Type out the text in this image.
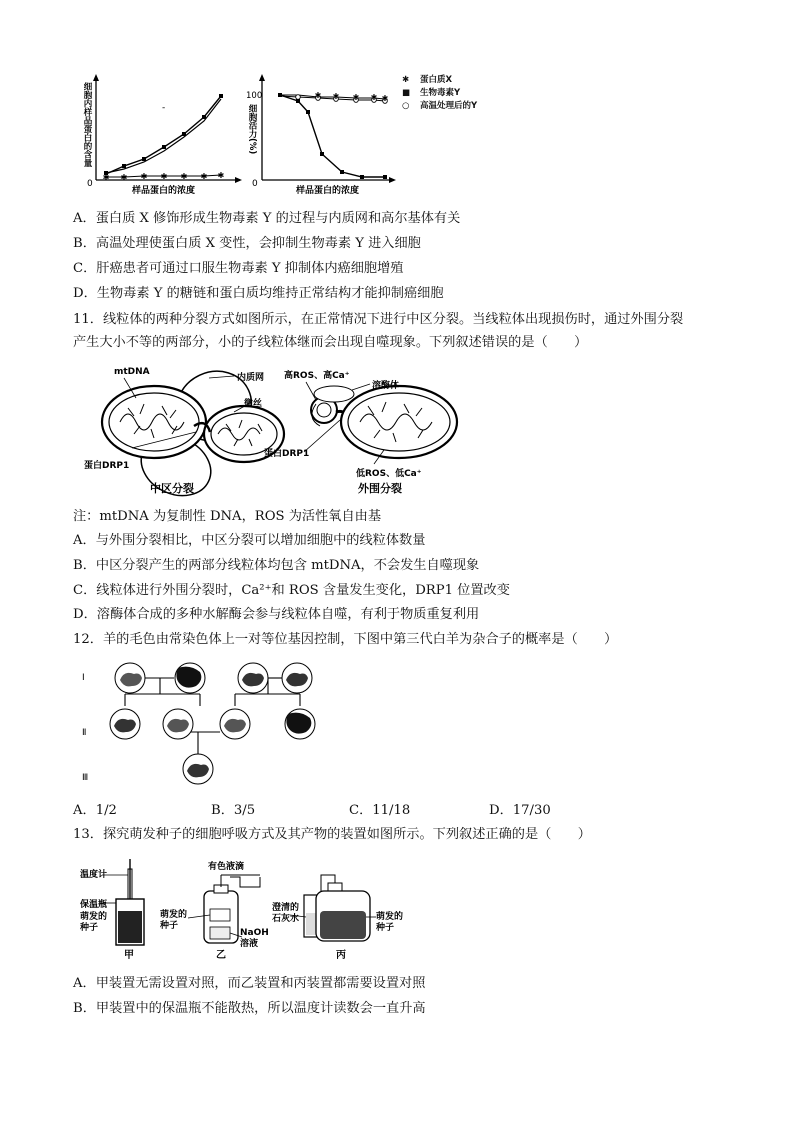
0
细胞内样品蛋白的含量
样品蛋白的浓度
✱ ✱ ✱ ✱ ✱ ✱ ✱
-
0
100
细胞活力(%)
样品蛋白的浓度
✱ ✱ ✱ ✱ ✱
✱ 蛋白质X
■ 生物毒素Y
○ 高温处理后的Y
A．蛋白质 X 修饰形成生物毒素 Y 的过程与内质网和高尔基体有关
B．高温处理使蛋白质 X 变性，会抑制生物毒素 Y 进入细胞
C．肝癌患者可通过口服生物毒素 Y 抑制体内癌细胞增殖
D．生物毒素 Y 的糖链和蛋白质均维持正常结构才能抑制癌细胞
11．线粒体的两种分裂方式如图所示，在正常情况下进行中区分裂。当线粒体出现损伤时，通过外围分裂
产生大小不等的两部分，小的子线粒体继而会出现自噬现象。下列叙述错误的是（　　）
mtDNA
内质网
微丝
蛋白DRP1
中区分裂
高ROS、高Ca⁺
溶酶体
蛋白DRP1
低ROS、低Ca⁺
外围分裂
注：mtDNA 为复制性 DNA，ROS 为活性氧自由基
A．与外围分裂相比，中区分裂可以增加细胞中的线粒体数量
B．中区分裂产生的两部分线粒体均包含 mtDNA，不会发生自噬现象
C．线粒体进行外围分裂时，Ca²⁺和 ROS 含量发生变化，DRP1 位置改变
D．溶酶体合成的多种水解酶会参与线粒体自噬，有利于物质重复利用
12．羊的毛色由常染色体上一对等位基因控制，下图中第三代白羊为杂合子的概率是（　　）
Ⅰ
Ⅱ
Ⅲ
A．1/2	B．3/5	C．11/18	D．17/30
13．探究萌发种子的细胞呼吸方式及其产物的装置如图所示。下列叙述正确的是（　　）
温度计
保温瓶
萌发的
种子
甲
有色液滴
萌发的
种子
NaOH
溶液
乙
澄清的
石灰水	萌发的
种子
丙
A．甲装置无需设置对照，而乙装置和丙装置都需要设置对照
B．甲装置中的保温瓶不能散热，所以温度计读数会一直升高
